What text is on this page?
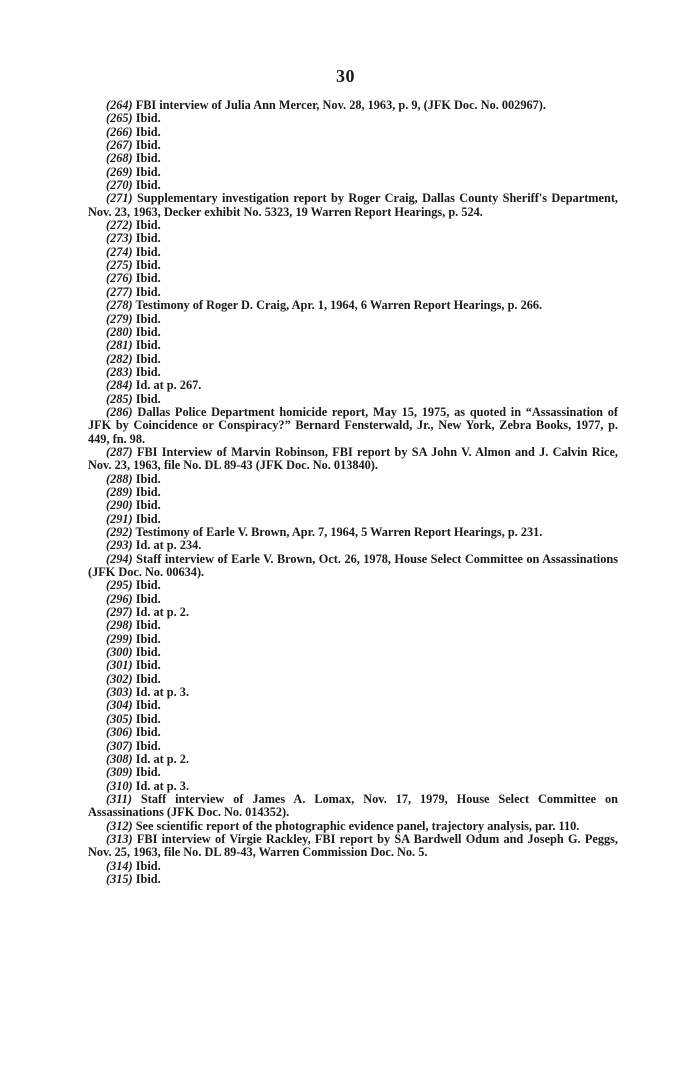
30

(264) FBI interview of Julia Ann Mercer, Nov. 28, 1963, p. 9, (JFK Doc. No. 002967).

(265) Ibid.

(266) Ibid.

(267) Ibid.

(268) Ibid.

(269) Ibid.

(270) Ibid.

(271) Supplementary investigation report by Roger Craig, Dallas County Sheriff's Department, Nov. 23, 1963, Decker exhibit No. 5323, 19 Warren Report Hearings, p. 524.

(272) Ibid.

(273) Ibid.

(274) Ibid.

(275) Ibid.

(276) Ibid.

(277) Ibid.

(278) Testimony of Roger D. Craig, Apr. 1, 1964, 6 Warren Report Hearings, p. 266.

(279) Ibid.

(280) Ibid.

(281) Ibid.

(282) Ibid.

(283) Ibid.

(284) Id. at p. 267.

(285) Ibid.

(286) Dallas Police Department homicide report, May 15, 1975, as quoted in “Assassination of JFK by Coincidence or Conspiracy?” Bernard Fensterwald, Jr., New York, Zebra Books, 1977, p. 449, fn. 98.

(287) FBI Interview of Marvin Robinson, FBI report by SA John V. Almon and J. Calvin Rice, Nov. 23, 1963, file No. DL 89-43 (JFK Doc. No. 013840).

(288) Ibid.

(289) Ibid.

(290) Ibid.

(291) Ibid.

(292) Testimony of Earle V. Brown, Apr. 7, 1964, 5 Warren Report Hearings, p. 231.

(293) Id. at p. 234.

(294) Staff interview of Earle V. Brown, Oct. 26, 1978, House Select Committee on Assassinations (JFK Doc. No. 00634).

(295) Ibid.

(296) Ibid.

(297) Id. at p. 2.

(298) Ibid.

(299) Ibid.

(300) Ibid.

(301) Ibid.

(302) Ibid.

(303) Id. at p. 3.

(304) Ibid.

(305) Ibid.

(306) Ibid.

(307) Ibid.

(308) Id. at p. 2.

(309) Ibid.

(310) Id. at p. 3.

(311) Staff interview of James A. Lomax, Nov. 17, 1979, House Select Committee on Assassinations (JFK Doc. No. 014352).

(312) See scientific report of the photographic evidence panel, trajectory analysis, par. 110.

(313) FBI interview of Virgie Rackley, FBI report by SA Bardwell Odum and Joseph G. Peggs, Nov. 25, 1963, file No. DL 89-43, Warren Commission Doc. No. 5.

(314) Ibid.

(315) Ibid.
